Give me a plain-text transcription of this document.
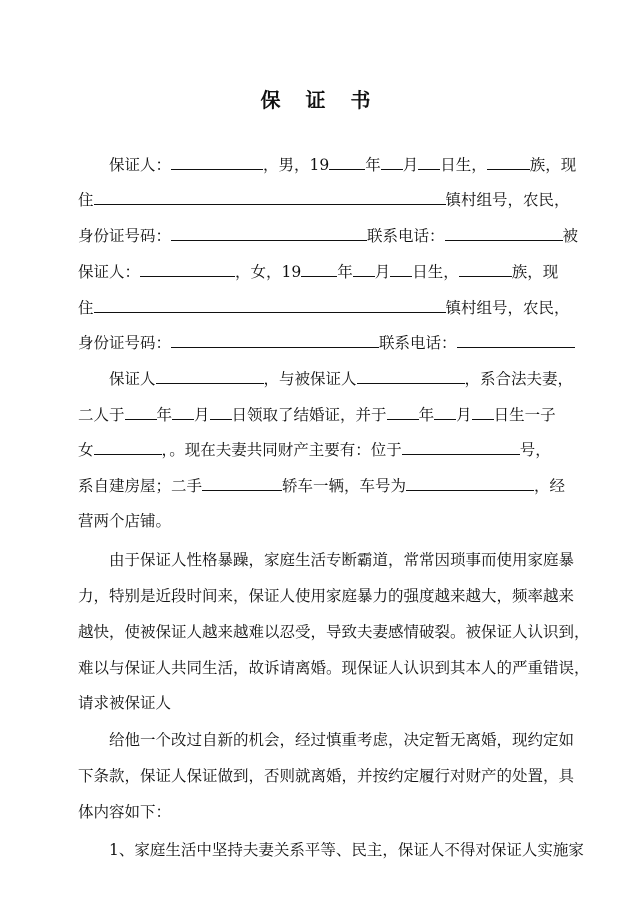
保 证 书
保证人：	，男，19 年 月 日生，	族，现
住	镇村组号，农民，
身份证号码：	联系电话：	被
保证人：	，女，19 年 月 日生，	族，现
住	镇村组号，农民，
身份证号码：	联系电话：
保证人	，与被保证人	，系合法夫妻，
二人于 年 月 日领取了结婚证，并于 年 月 日生一子
女	，。现在夫妻共同财产主要有：位于	号，
系自建房屋；二手	轿车一辆，车号为	，经
营两个店铺。
由于保证人性格暴躁，家庭生活专断霸道，常常因琐事而使用家庭暴
力，特别是近段时间来，保证人使用家庭暴力的强度越来越大，频率越来
越快，使被保证人越来越难以忍受，导致夫妻感情破裂。被保证人认识到，
难以与保证人共同生活，故诉请离婚。现保证人认识到其本人的严重错误，
请求被保证人
给他一个改过自新的机会，经过慎重考虑，决定暂无离婚，现约定如
下条款，保证人保证做到，否则就离婚，并按约定履行对财产的处置，具
体内容如下：
1、家庭生活中坚持夫妻关系平等、民主，保证人不得对保证人实施家
